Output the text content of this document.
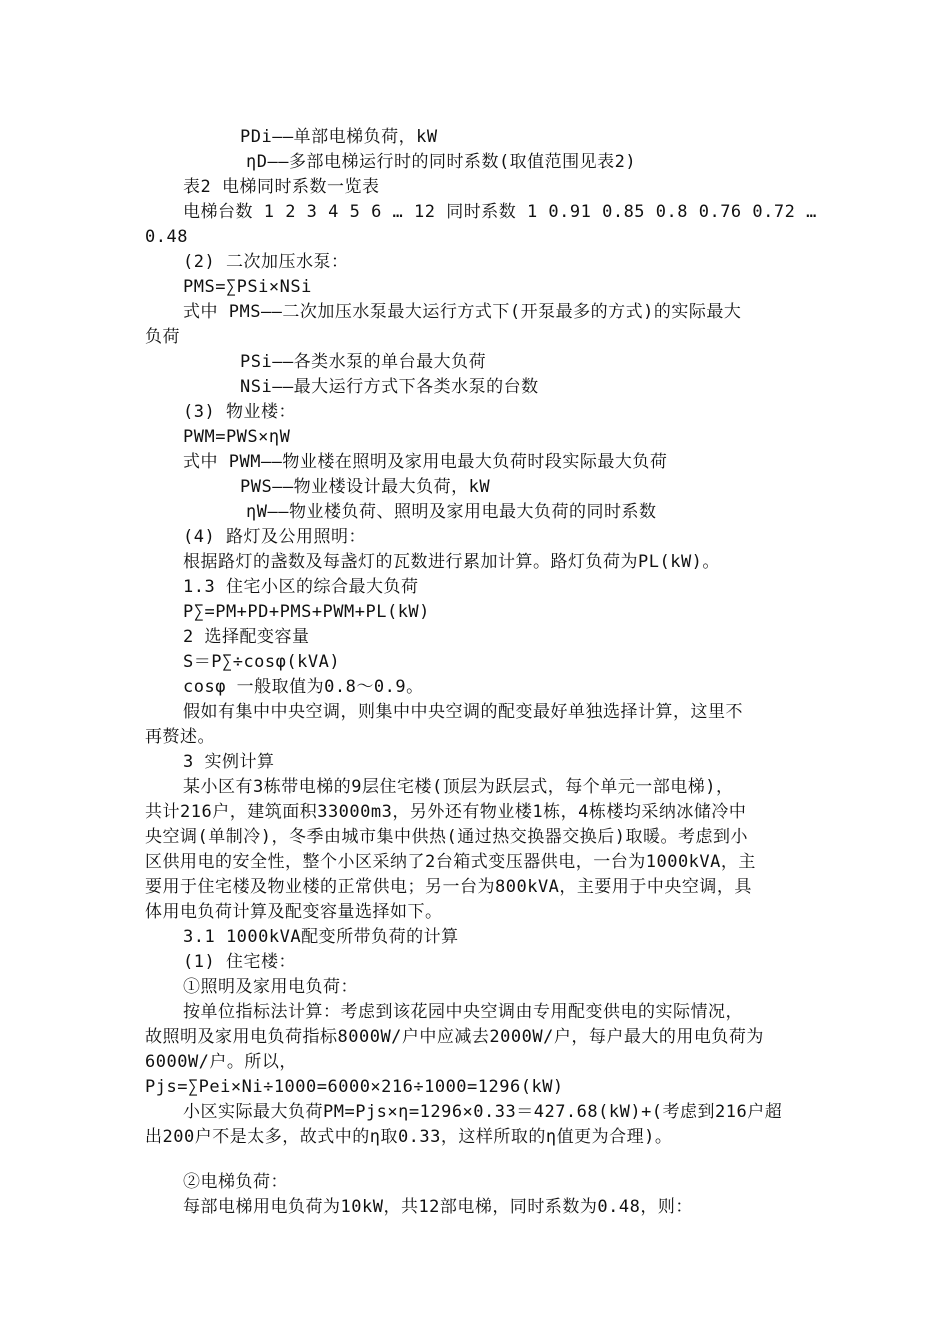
PDi——单部电梯负荷，kW
ηD——多部电梯运行时的同时系数(取值范围见表2)
表2 电梯同时系数一览表
电梯台数 1 2 3 4 5 6 … 12 同时系数 1 0.91 0.85 0.8 0.76 0.72 …
0.48
(2) 二次加压水泵：
PMS=∑PSi×NSi
式中 PMS——二次加压水泵最大运行方式下(开泵最多的方式)的实际最大
负荷
PSi——各类水泵的单台最大负荷
NSi——最大运行方式下各类水泵的台数
(3) 物业楼：
PWM=PWS×ηW
式中 PWM——物业楼在照明及家用电最大负荷时段实际最大负荷
PWS——物业楼设计最大负荷，kW
ηW——物业楼负荷、照明及家用电最大负荷的同时系数
(4) 路灯及公用照明：
根据路灯的盏数及每盏灯的瓦数进行累加计算。路灯负荷为PL(kW)。
1.3 住宅小区的综合最大负荷
P∑=PM+PD+PMS+PWM+PL(kW)
2 选择配变容量
S＝P∑÷cosφ(kVA)
cosφ 一般取值为0.8～0.9。
假如有集中中央空调，则集中中央空调的配变最好单独选择计算，这里不
再赘述。
3 实例计算
某小区有3栋带电梯的9层住宅楼(顶层为跃层式，每个单元一部电梯)，
共计216户，建筑面积33000m3，另外还有物业楼1栋，4栋楼均采纳冰储冷中
央空调(单制冷)，冬季由城市集中供热(通过热交换器交换后)取暖。考虑到小
区供用电的安全性，整个小区采纳了2台箱式变压器供电，一台为1000kVA，主
要用于住宅楼及物业楼的正常供电；另一台为800kVA，主要用于中央空调，具
体用电负荷计算及配变容量选择如下。
3.1 1000kVA配变所带负荷的计算
(1) 住宅楼：
①照明及家用电负荷：
按单位指标法计算：考虑到该花园中央空调由专用配变供电的实际情况，
故照明及家用电负荷指标8000W/户中应减去2000W/户，每户最大的用电负荷为
6000W/户。所以，
Pjs=∑Pei×Ni÷1000=6000×216÷1000=1296(kW)
小区实际最大负荷PM=Pjs×η=1296×0.33＝427.68(kW)+(考虑到216户超
出200户不是太多，故式中的η取0.33，这样所取的η值更为合理)。
②电梯负荷：
每部电梯用电负荷为10kW，共12部电梯，同时系数为0.48，则：
